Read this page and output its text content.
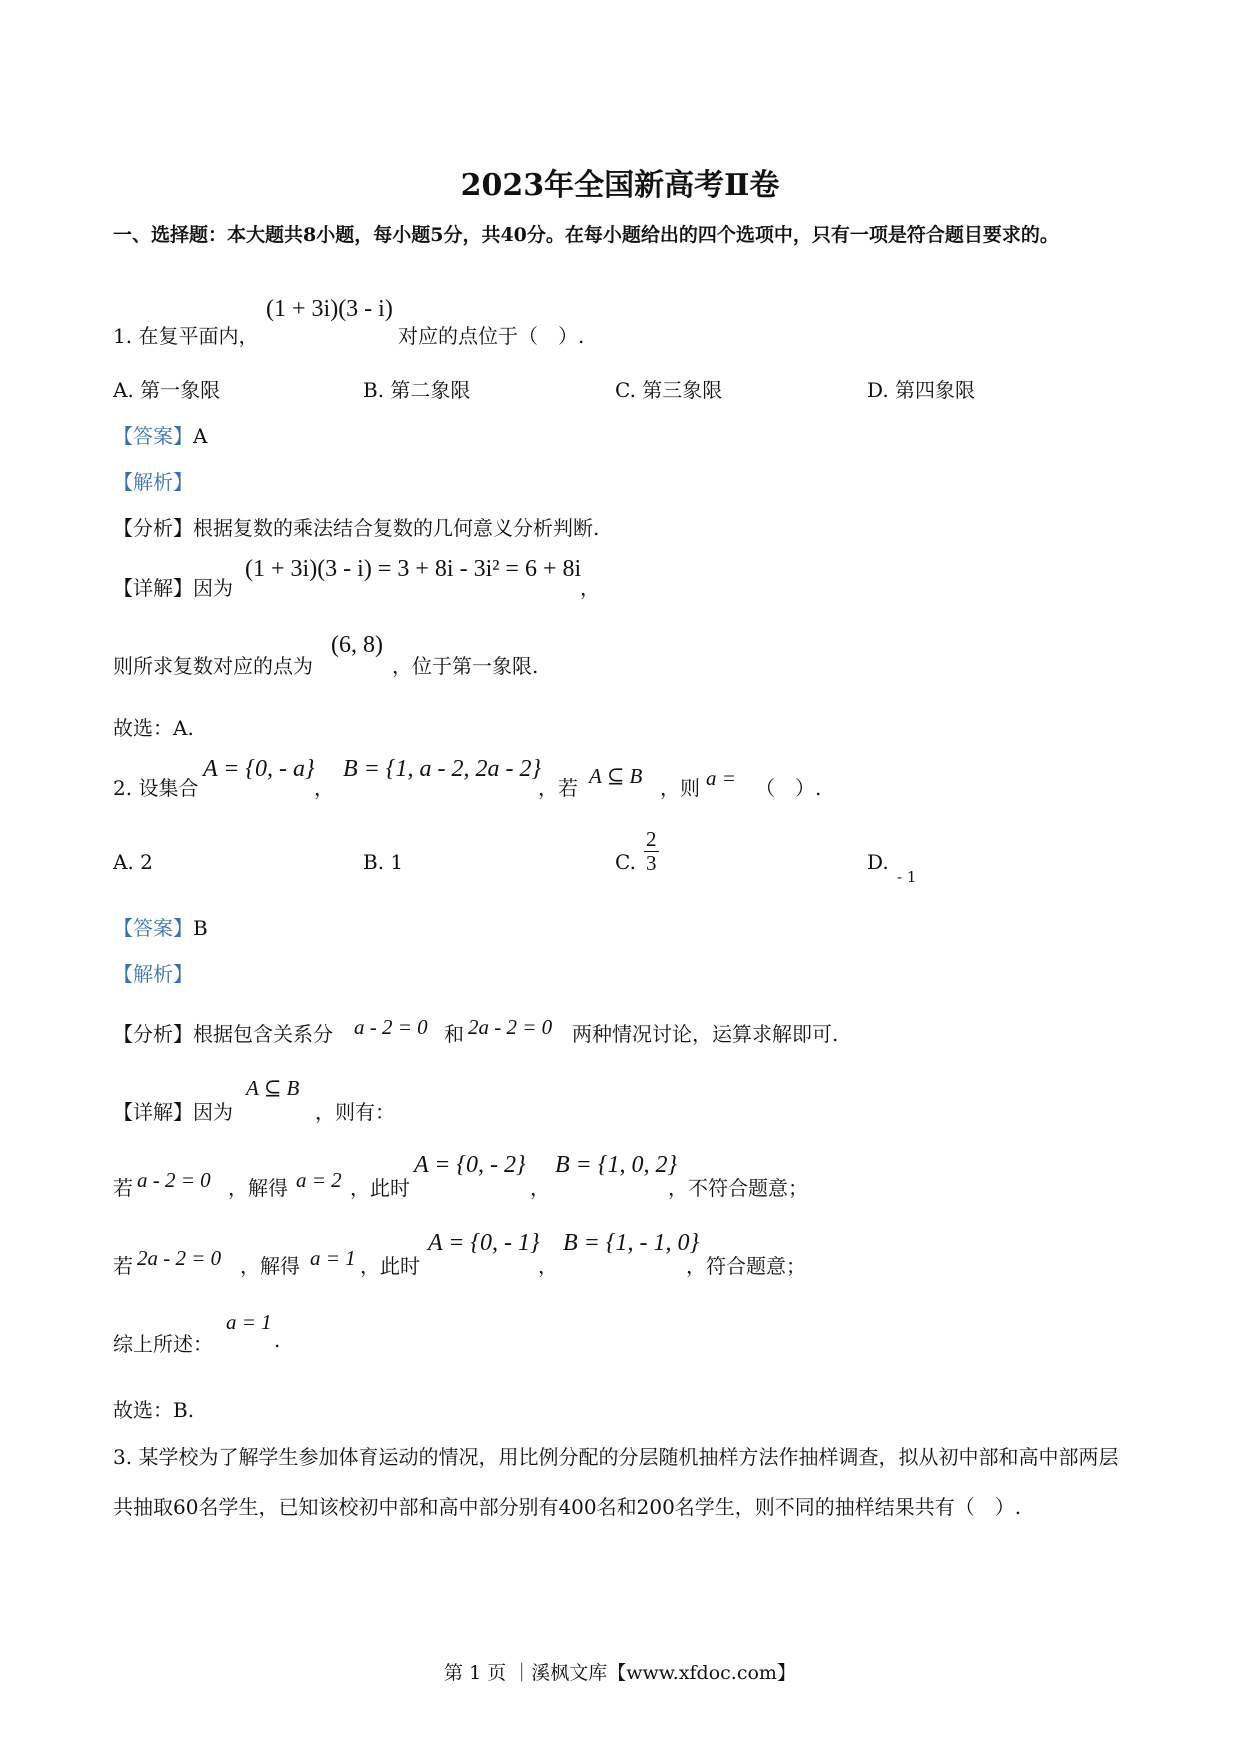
2023年全国新高考Ⅱ卷
一、选择题：本大题共8小题，每小题5分，共40分。在每小题给出的四个选项中，只有一项是符合题目要求的。
(1 + 3i)(3 - i)
1. 在复平面内，	对应的点位于（　）.
A. 第一象限	B. 第二象限	C. 第三象限	D. 第四象限
【答案】A
【解析】
【分析】根据复数的乘法结合复数的几何意义分析判断.
【详解】因为
(1 + 3i)(3 - i) = 3 + 8i - 3i² = 6 + 8i
，
则所求复数对应的点为
(6, 8)
，位于第一象限.
故选：A.
2. 设集合
A = {0, - a}
，
B = {1, a - 2, 2a - 2}
，若 A ⊆ B ，则 a = （　）.
A. 2	B. 1	C. $\frac{2}{3}$	D.
- 1
【答案】B
【解析】
【分析】根据包含关系分 a - 2 = 0 和 2a - 2 = 0 两种情况讨论，运算求解即可.
【详解】因为
A ⊆ B
，则有：
若 a - 2 = 0 ，解得 a = 2 ，此时
A = {0, - 2}
，
B = {1, 0, 2}
，不符合题意；
若 2a - 2 = 0 ，解得 a = 1 ，此时
A = {0, - 1}
，
B = {1, - 1, 0}
，符合题意；
综上所述：
a = 1
.
故选：B.
3. 某学校为了解学生参加体育运动的情况，用比例分配的分层随机抽样方法作抽样调查，拟从初中部和高中部两层共抽取60名学生，已知该校初中部和高中部分别有400名和200名学生，则不同的抽样结果共有（　）.
第 1 页 ｜溪枫文库【www.xfdoc.com】
